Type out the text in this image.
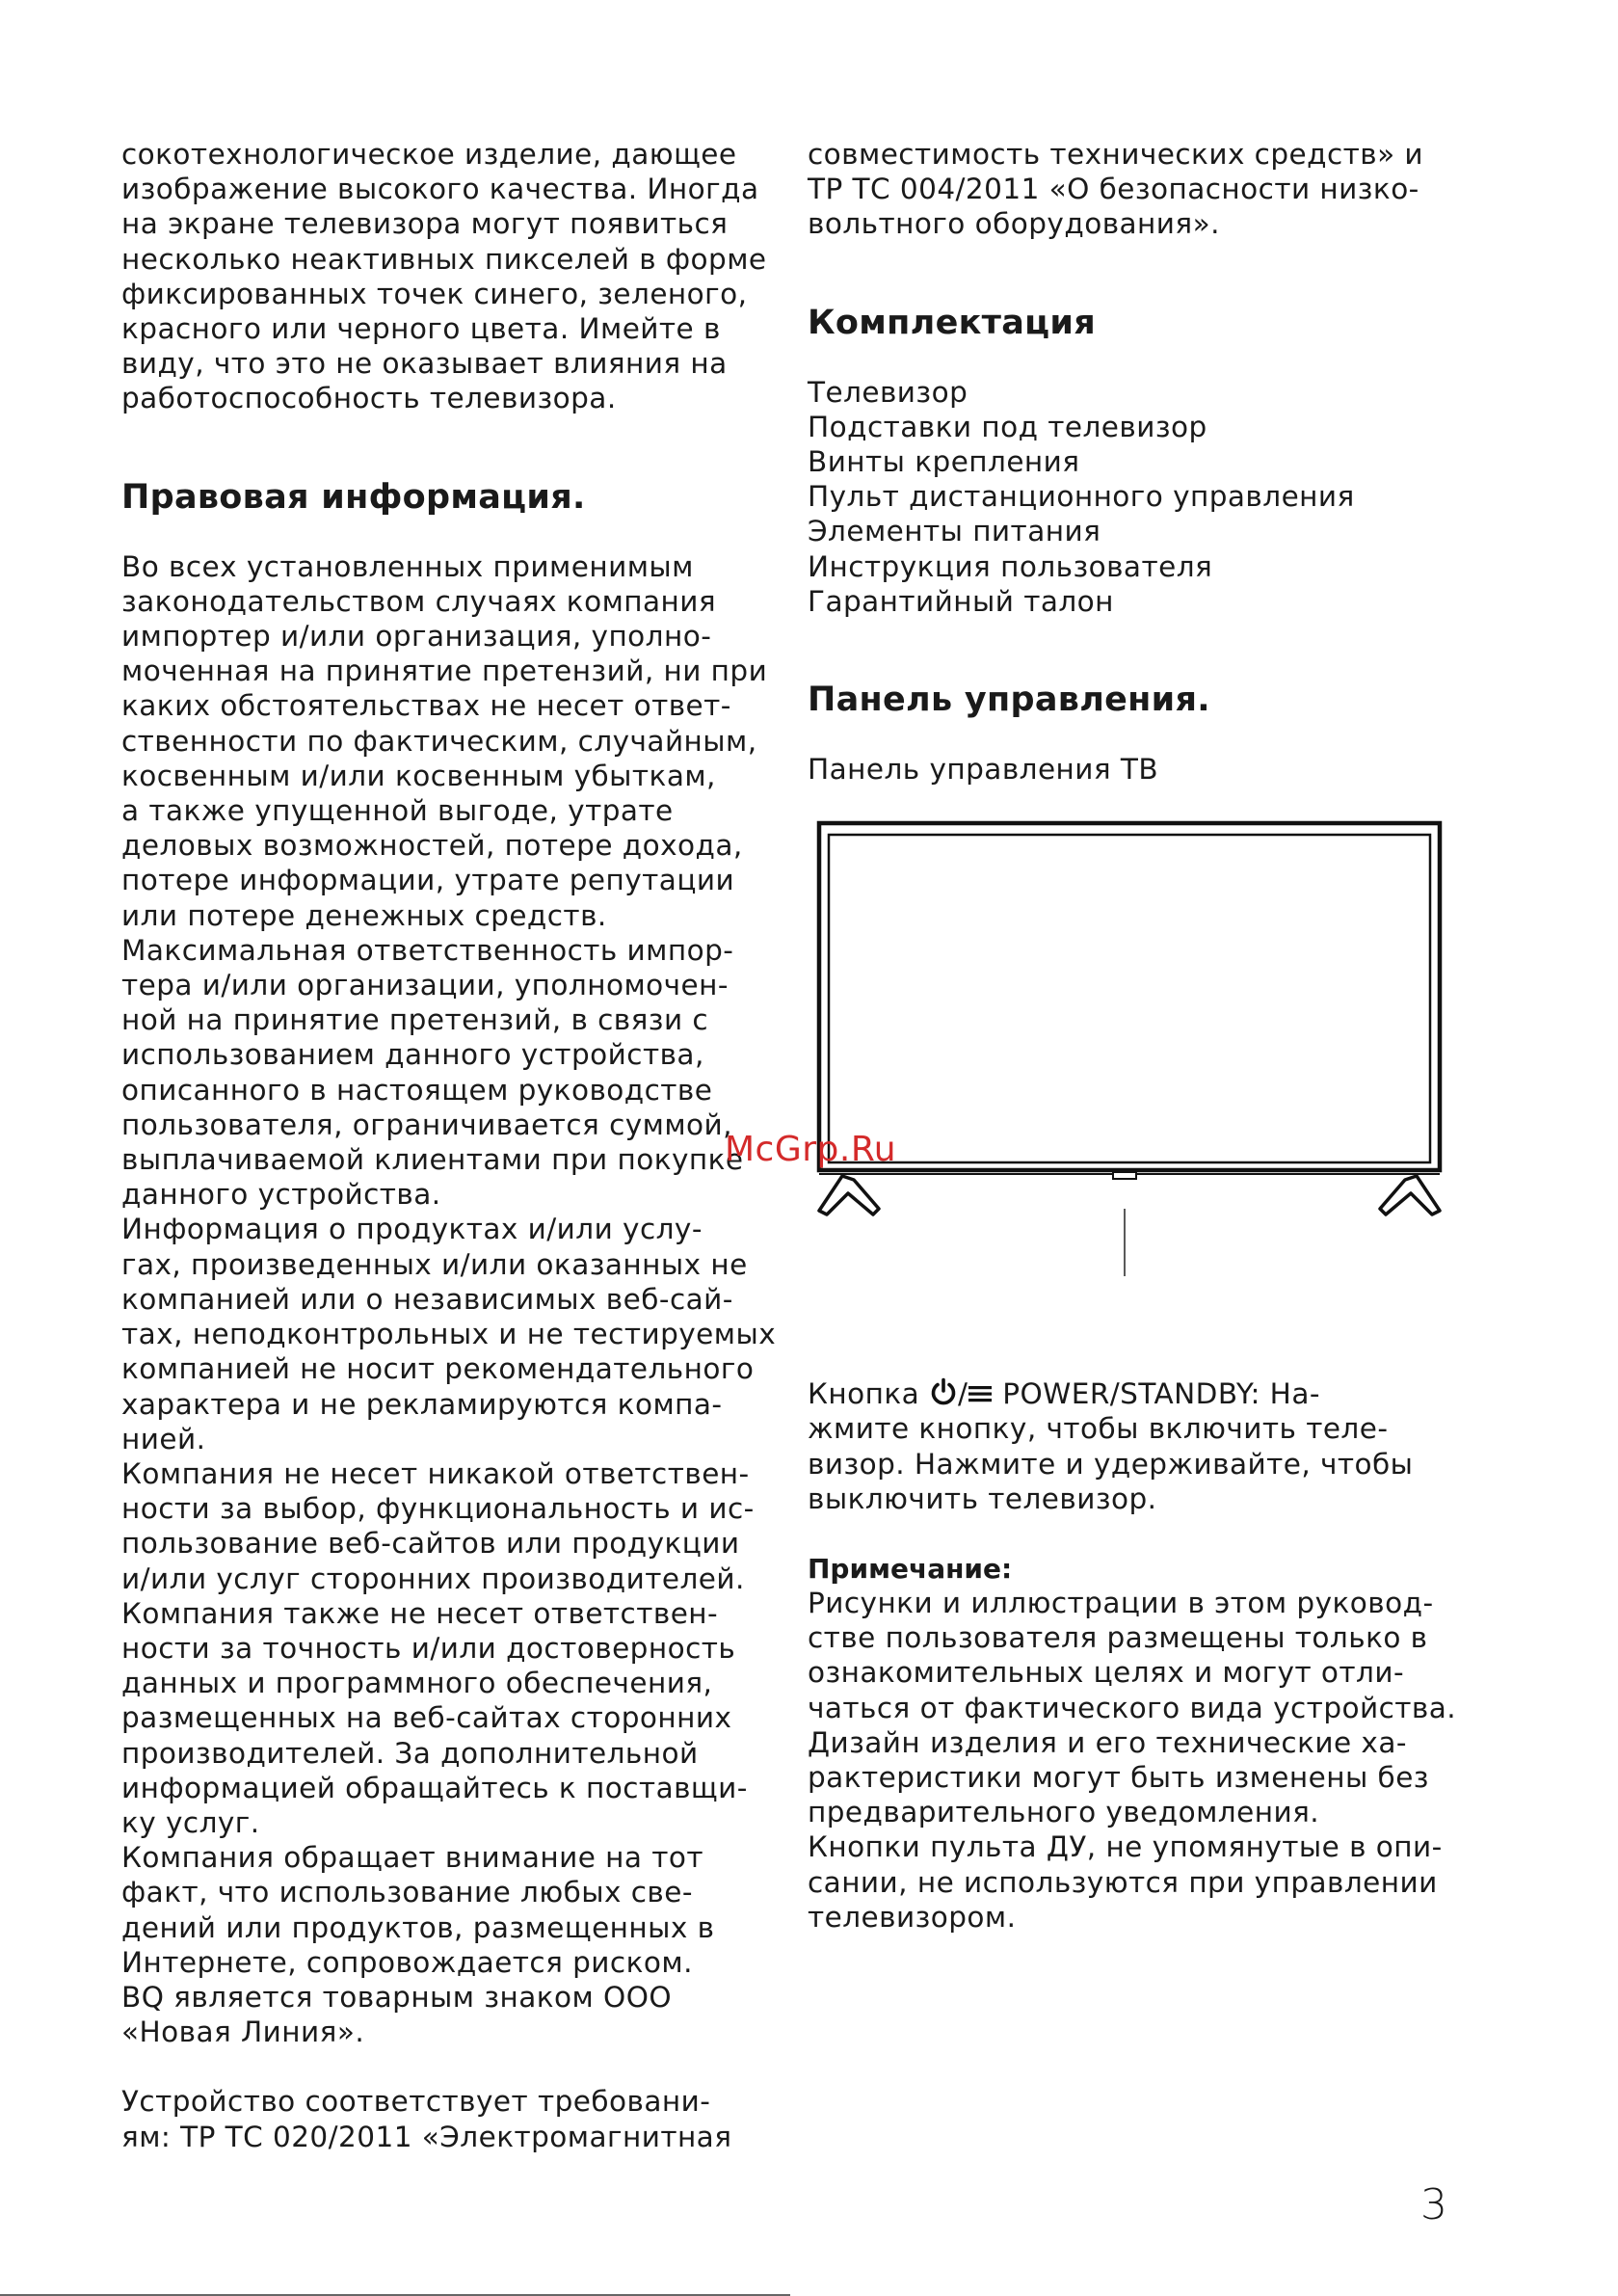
сокотехнологическое изделие, дающее
изображение высокого качества. Иногда
на экране телевизора могут появиться
несколько неактивных пикселей в форме
фиксированных точек синего, зеленого,
красного или черного цвета. Имейте в
виду, что это не оказывает влияния на
работоспособность телевизора.

Правовая информация.

Во всех установленных применимым
законодательством случаях компания
импортер и/или организация, уполно-
моченная на принятие претензий, ни при
каких обстоятельствах не несет ответ-
ственности по фактическим, случайным,
косвенным и/или косвенным убыткам,
а также упущенной выгоде, утрате
деловых возможностей, потере дохода,
потере информации, утрате репутации
или потере денежных средств.
Максимальная ответственность импор-
тера и/или организации, уполномочен-
ной на принятие претензий, в связи с
использованием данного устройства,
описанного в настоящем руководстве
пользователя, ограничивается суммой,
выплачиваемой клиентами при покупке
данного устройства.
Информация о продуктах и/или услу-
гах, произведенных и/или оказанных не
компанией или о независимых веб-сай-
тах, неподконтрольных и не тестируемых
компанией не носит рекомендательного
характера и не рекламируются компа-
нией.
Компания не несет никакой ответствен-
ности за выбор, функциональность и ис-
пользование веб-сайтов или продукции
и/или услуг сторонних производителей.
Компания также не несет ответствен-
ности за точность и/или достоверность
данных и программного обеспечения,
размещенных на веб-сайтах сторонних
производителей. За дополнительной
информацией обращайтесь к поставщи-
ку услуг.
Компания обращает внимание на тот
факт, что использование любых све-
дений или продуктов, размещенных в
Интернете, сопровождается риском.
BQ является товарным знаком ООО
«Новая Линия».

Устройство соответствует требовани-
ям: ТР ТС 020/2011 «Электромагнитная

совместимость технических средств» и
ТР ТС 004/2011 «О безопасности низко-
вольтного оборудования».

Комплектация

Телевизор
Подставки под телевизор
Винты крепления
Пульт дистанционного управления
Элементы питания
Инструкция пользователя
Гарантийный талон

Панель управления.

Панель управления ТВ

Кнопка / POWER/STANDBY: На-
жмите кнопку, чтобы включить теле-
визор. Нажмите и удерживайте, чтобы
выключить телевизор.

Примечание:

Рисунки и иллюстрации в этом руковод-
стве пользователя размещены только в
ознакомительных целях и могут отли-
чаться от фактического вида устройства.
Дизайн изделия и его технические ха-
рактеристики могут быть изменены без
предварительного уведомления.
Кнопки пульта ДУ, не упомянутые в опи-
сании, не используются при управлении
телевизором.

McGrp.Ru
3
